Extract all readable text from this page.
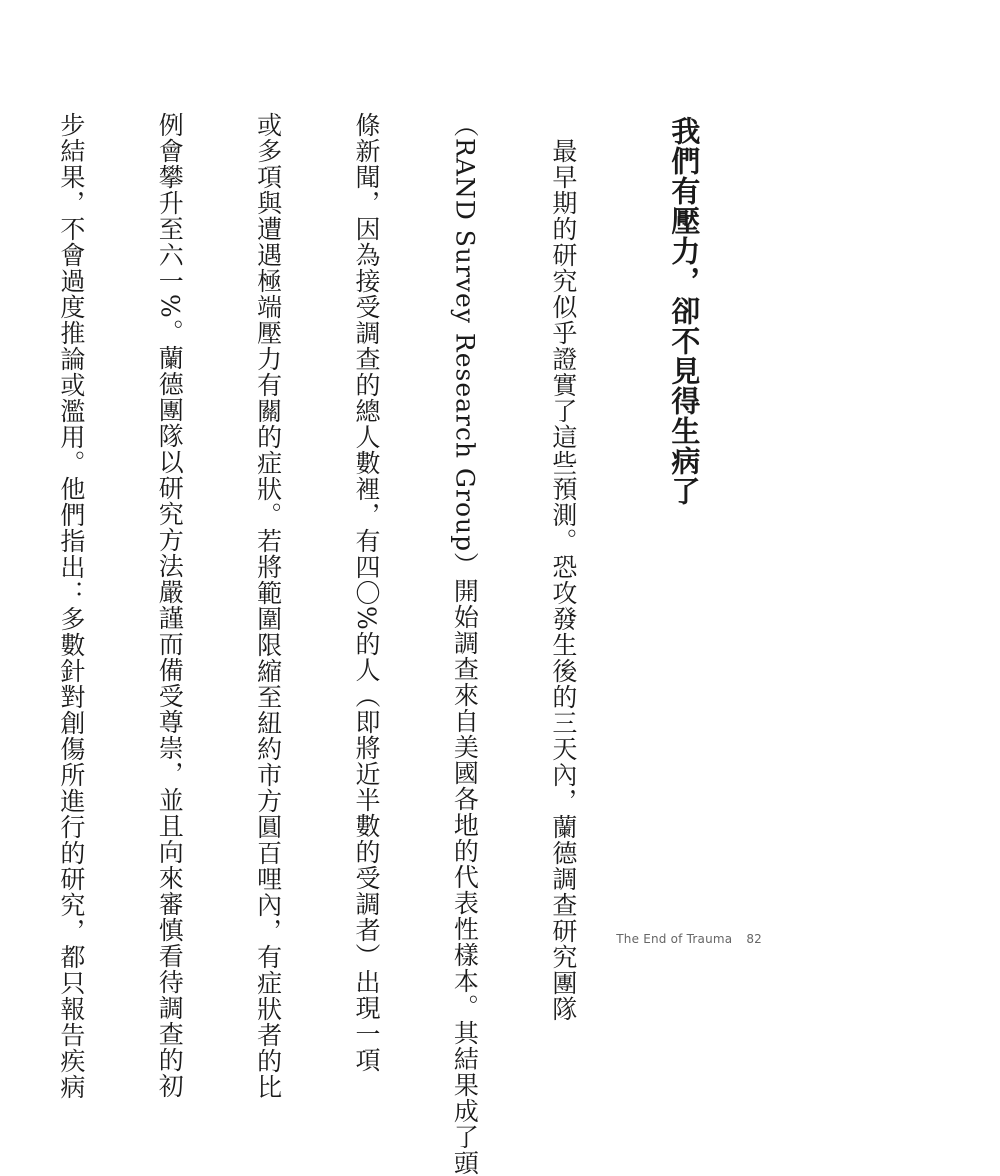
我們有壓力，卻不見得生病了

　最早期的研究似乎證實了這些預測。恐攻發生後的三天內，蘭德調查研究團隊

（RAND Survey Research Group）開始調查來自美國各地的代表性樣本。其結果成了頭

條新聞，因為接受調查的總人數裡，有四〇%的人（即將近半數的受調者）出現一項

或多項與遭遇極端壓力有關的症狀。若將範圍限縮至紐約市方圓百哩內，有症狀者的比

例會攀升至六一%。蘭德團隊以研究方法嚴謹而備受尊崇，並且向來審慎看待調查的初

步結果，不會過度推論或濫用。他們指出：多數針對創傷所進行的研究，都只報告疾病

	The End of Trauma 82
